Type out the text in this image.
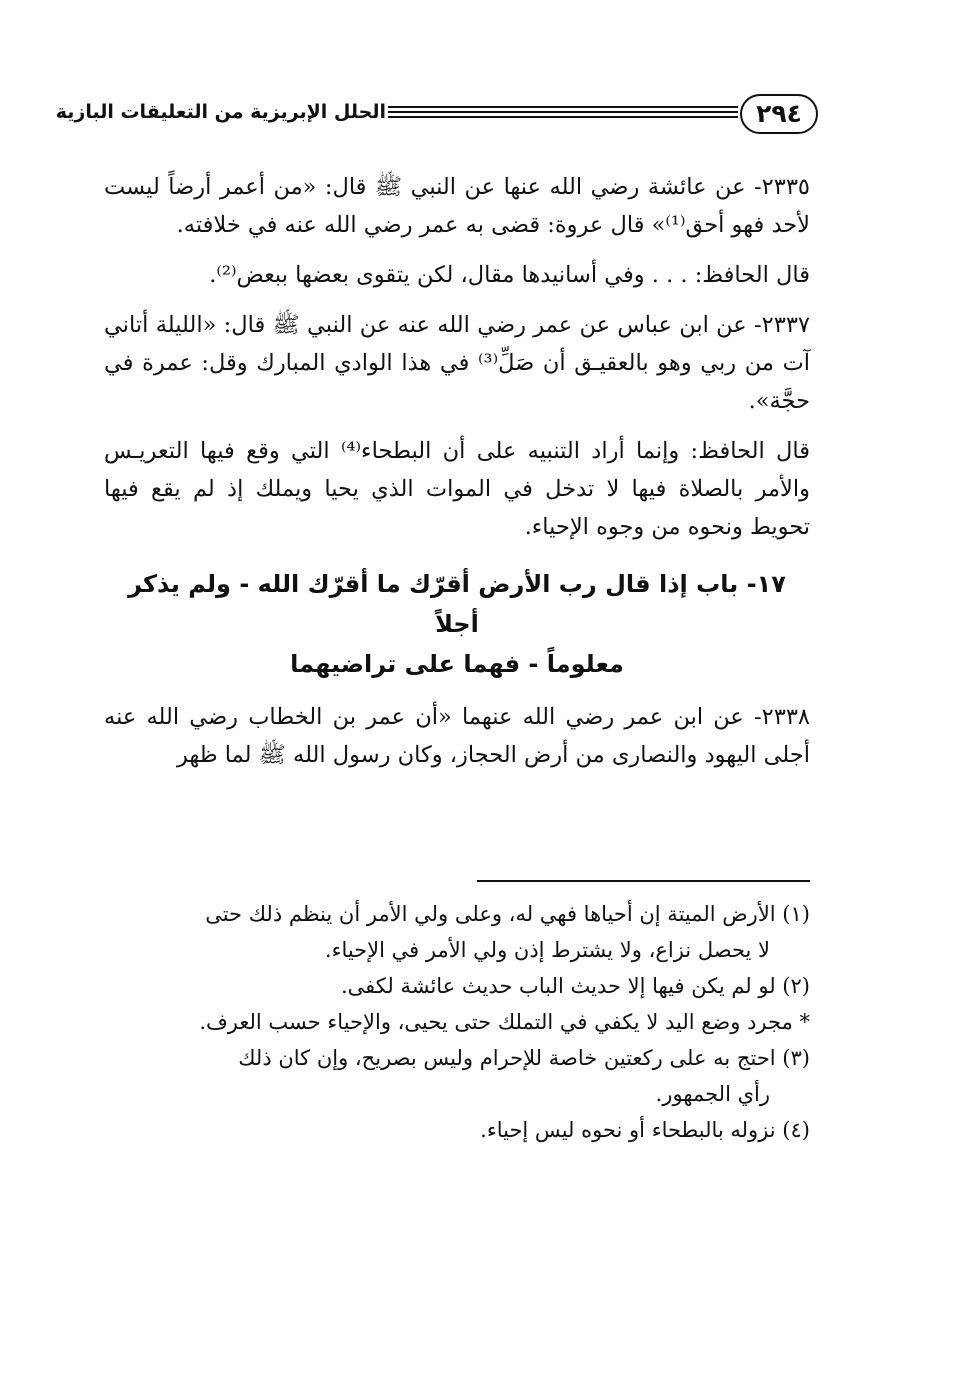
٢٩٤
الحلل الإبريزية من التعليقات البازية

٢٣٣٥- عن عائشة رضي الله عنها عن النبي ﷺ قال: «من أعمر أرضاً ليست لأحد فهو أحق⁽¹⁾» قال عروة: قضى به عمر رضي الله عنه في خلافته.

قال الحافظ: . . . وفي أسانيدها مقال، لكن يتقوى بعضها ببعض⁽²⁾.

٢٣٣٧- عن ابن عباس عن عمر رضي الله عنه عن النبي ﷺ قال: «الليلة أتاني آت من ربي وهو بالعقيـق أن صَلِّ⁽³⁾ في هذا الوادي المبارك وقل: عمرة في حجَّة».

قال الحافظ: وإنما أراد التنبيه على أن البطحاء⁽⁴⁾ التي وقع فيها التعريـس والأمر بالصلاة فيها لا تدخل في الموات الذي يحيا ويملك إذ لم يقع فيها تحويط ونحوه من وجوه الإحياء.

١٧- باب إذا قال رب الأرض أقرّك ما أقرّك الله - ولم يذكر أجلاً
معلوماً - فهما على تراضيهما

٢٣٣٨- عن ابن عمر رضي الله عنهما «أن عمر بن الخطاب رضي الله عنه أجلى اليهود والنصارى من أرض الحجاز، وكان رسول الله ﷺ لما ظهر

(١) الأرض الميتة إن أحياها فهي له، وعلى ولي الأمر أن ينظم ذلك حتى
لا يحصل نزاع، ولا يشترط إذن ولي الأمر في الإحياء.

(٢) لو لم يكن فيها إلا حديث الباب حديث عائشة لكفى.

* مجرد وضع اليد لا يكفي في التملك حتى يحيى، والإحياء حسب العرف.

(٣) احتج به على ركعتين خاصة للإحرام وليس بصريح، وإن كان ذلك
رأي الجمهور.

(٤) نزوله بالبطحاء أو نحوه ليس إحياء.
